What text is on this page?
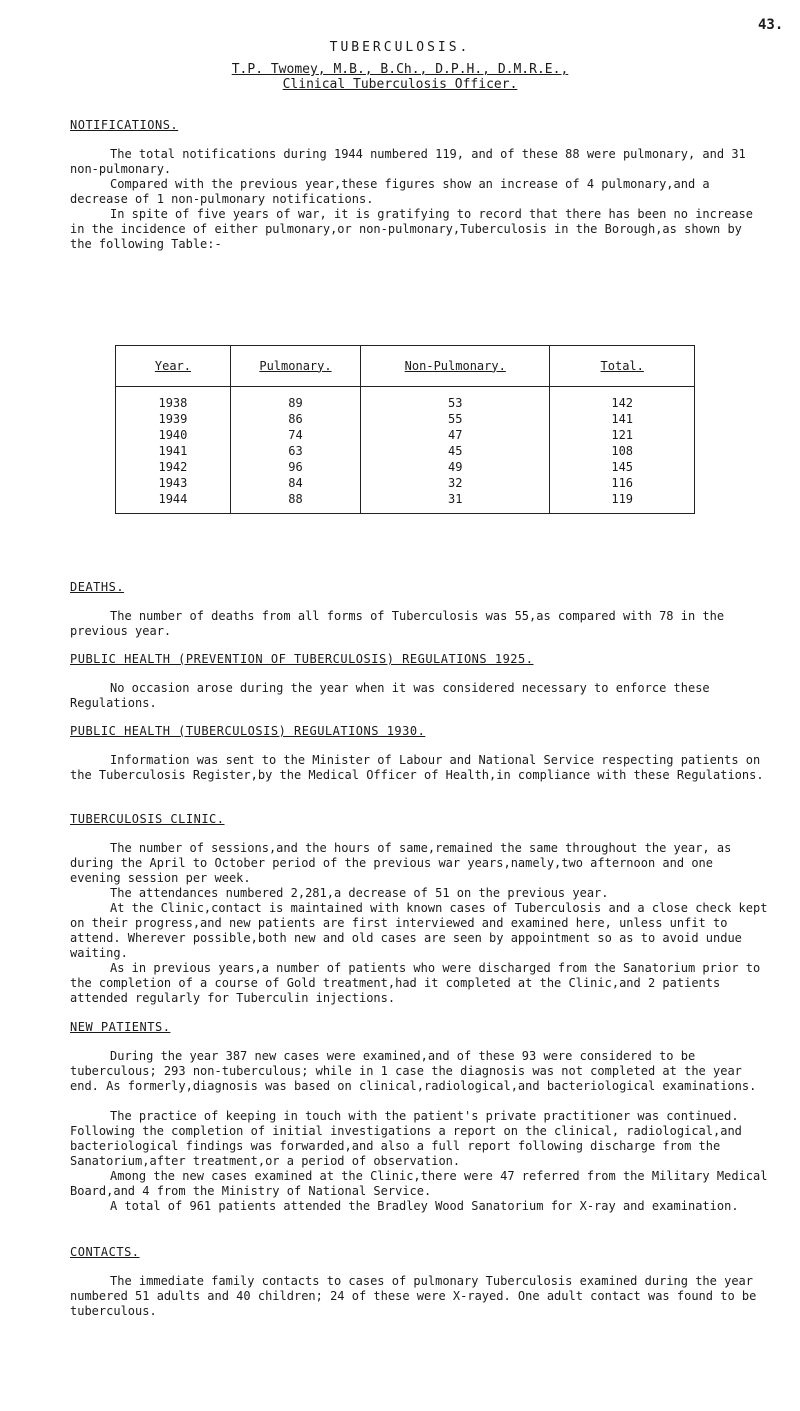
43.
TUBERCULOSIS.
T.P. Twomey, M.B., B.Ch., D.P.H., D.M.R.E.,
Clinical Tuberculosis Officer.
NOTIFICATIONS.

The total notifications during 1944 numbered 119, and of these 88 were pulmonary, and 31 non-pulmonary.

Compared with the previous year,these figures show an increase of 4 pulmonary,and a decrease of 1 non-pulmonary notifications.

In spite of five years of war, it is gratifying to record that there has been no increase in the incidence of either pulmonary,or non-pulmonary,Tuberculosis in the Borough,as shown by the following Table:-

Year.	Pulmonary.	Non-Pulmonary.	Total.
1938	89	53	142
1939	86	55	141
1940	74	47	121
1941	63	45	108
1942	96	49	145
1943	84	32	116
1944	88	31	119
DEATHS.

The number of deaths from all forms of Tuberculosis was 55,as compared with 78 in the previous year.

PUBLIC HEALTH (PREVENTION OF TUBERCULOSIS) REGULATIONS 1925.

No occasion arose during the year when it was considered necessary to enforce these Regulations.

PUBLIC HEALTH (TUBERCULOSIS) REGULATIONS 1930.

Information was sent to the Minister of Labour and National Service respecting patients on the Tuberculosis Register,by the Medical Officer of Health,in compliance with these Regulations.

TUBERCULOSIS CLINIC.

The number of sessions,and the hours of same,remained the same throughout the year, as during the April to October period of the previous war years,namely,two afternoon and one evening session per week.

The attendances numbered 2,281,a decrease of 51 on the previous year.

At the Clinic,contact is maintained with known cases of Tuberculosis and a close check kept on their progress,and new patients are first interviewed and examined here, unless unfit to attend. Wherever possible,both new and old cases are seen by appointment so as to avoid undue waiting.

As in previous years,a number of patients who were discharged from the Sanatorium prior to the completion of a course of Gold treatment,had it completed at the Clinic,and 2 patients attended regularly for Tuberculin injections.

NEW PATIENTS.

During the year 387 new cases were examined,and of these 93 were considered to be tuberculous; 293 non-tuberculous; while in 1 case the diagnosis was not completed at the year end. As formerly,diagnosis was based on clinical,radiological,and bacteriological examinations.

The practice of keeping in touch with the patient's private practitioner was continued. Following the completion of initial investigations a report on the clinical, radiological,and bacteriological findings was forwarded,and also a full report following discharge from the Sanatorium,after treatment,or a period of observation.

Among the new cases examined at the Clinic,there were 47 referred from the Military Medical Board,and 4 from the Ministry of National Service.

A total of 961 patients attended the Bradley Wood Sanatorium for X-ray and examination.

CONTACTS.

The immediate family contacts to cases of pulmonary Tuberculosis examined during the year numbered 51 adults and 40 children; 24 of these were X-rayed. One adult contact was found to be tuberculous.
